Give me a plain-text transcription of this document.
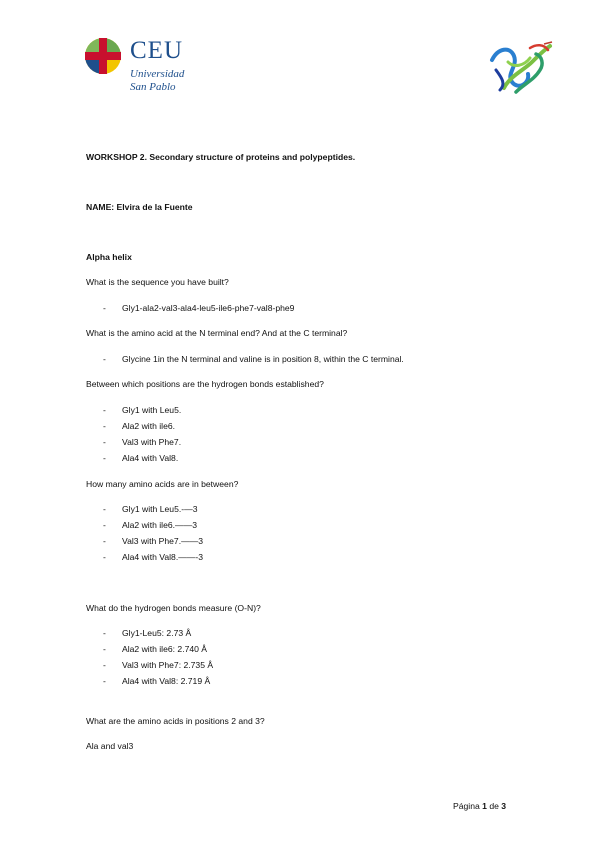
CEU
Universidad
San Pablo
WORKSHOP 2. Secondary structure of proteins and polypeptides.
NAME: Elvira de la Fuente
Alpha helix
What is the sequence you have built?
- Gly1-ala2-val3-ala4-leu5-ile6-phe7-val8-phe9
What is the amino acid at the N terminal end? And at the C terminal?
- Glycine 1in the N terminal and valine is in position 8, within the C terminal.
Between which positions are the hydrogen bonds established?
- Gly1 with Leu5.
- Ala2 with ile6.
- Val3 with Phe7.
- Ala4 with Val8.
How many amino acids are in between?
- Gly1 with Leu5.-—3
- Ala2 with ile6.——3
- Val3 with Phe7.——3
- Ala4 with Val8.——-3
What do the hydrogen bonds measure (O-N)?
- Gly1-Leu5: 2.73 Å
- Ala2 with ile6: 2.740 Å
- Val3 with Phe7: 2.735 Å
- Ala4 with Val8: 2.719 Å
What are the amino acids in positions 2 and 3?
Ala and val3
Página 1 de 3
